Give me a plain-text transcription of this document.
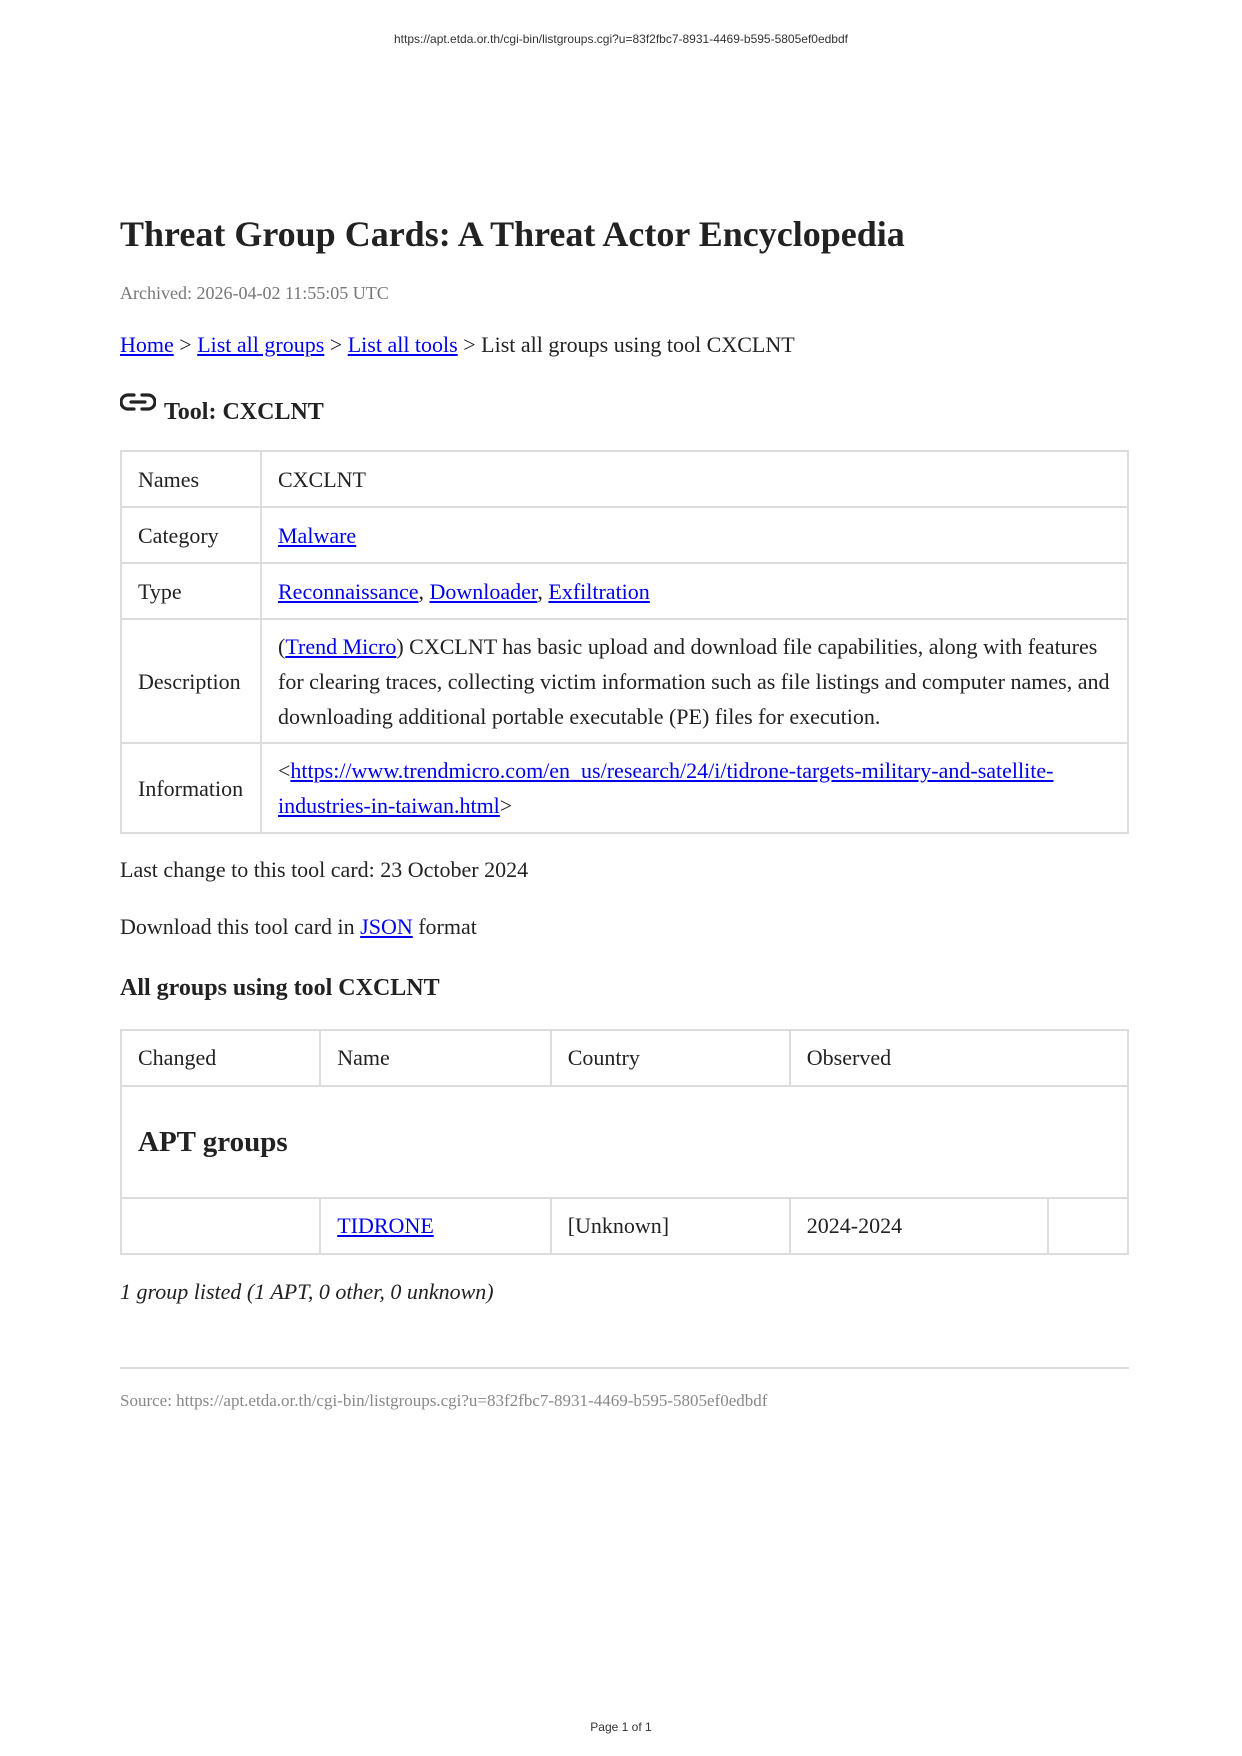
https://apt.etda.or.th/cgi-bin/listgroups.cgi?u=83f2fbc7-8931-4469-b595-5805ef0edbdf
Threat Group Cards: A Threat Actor Encyclopedia
Archived: 2026-04-02 11:55:05 UTC
Home > List all groups > List all tools > List all groups using tool CXCLNT
Tool: CXCLNT
Names	CXCLNT
Category	Malware
Type	Reconnaissance, Downloader, Exfiltration
Description	(Trend Micro) CXCLNT has basic upload and download file capabilities, along with features for clearing traces, collecting victim information such as file listings and computer names, and downloading additional portable executable (PE) files for execution.
Information	<https://www.trendmicro.com/en_us/research/24/i/tidrone-targets-military-and-satellite-industries-in-taiwan.html>
Last change to this tool card: 23 October 2024
Download this tool card in JSON format
All groups using tool CXCLNT
Changed	Name	Country	Observed	
APT groups				
	TIDRONE	[Unknown]	2024-2024	
1 group listed (1 APT, 0 other, 0 unknown)
Source: https://apt.etda.or.th/cgi-bin/listgroups.cgi?u=83f2fbc7-8931-4469-b595-5805ef0edbdf
Page 1 of 1
